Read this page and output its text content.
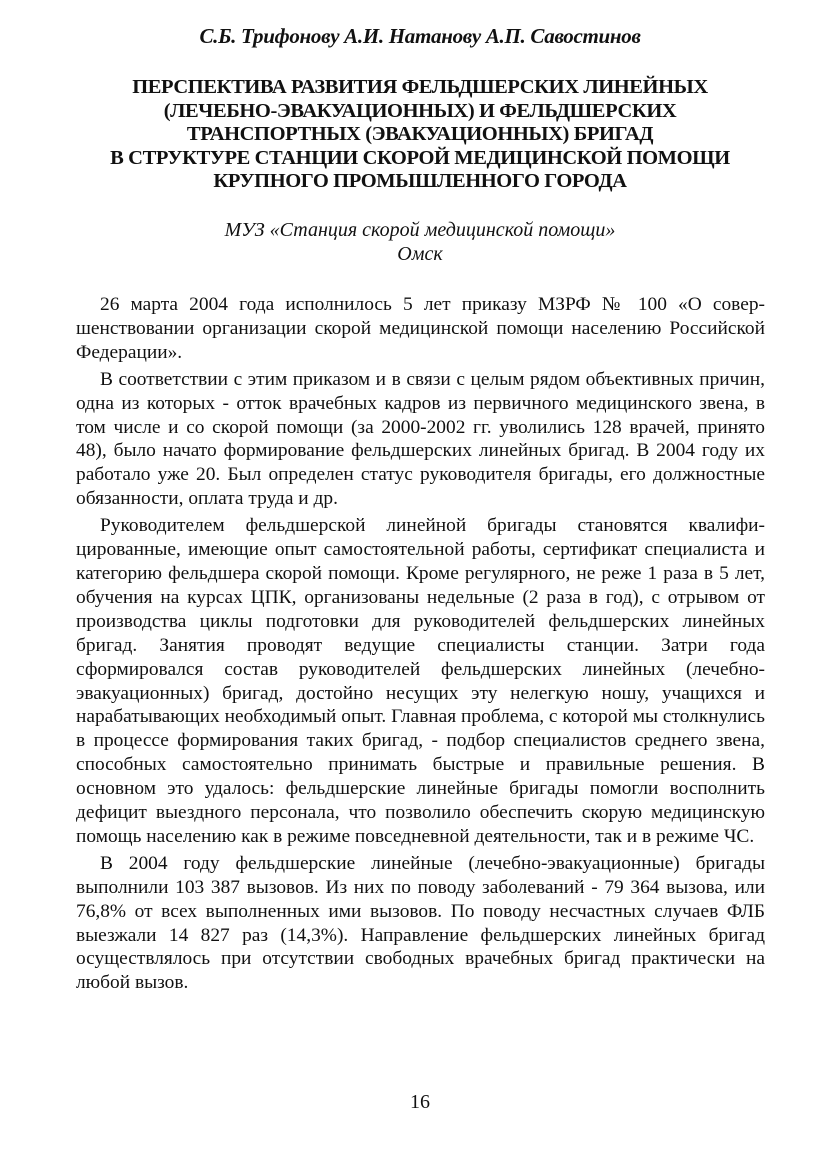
С.Б. Трифонову А.И. Натанову А.П. Савостинов
ПЕРСПЕКТИВА РАЗВИТИЯ ФЕЛЬДШЕРСКИХ ЛИНЕЙНЫХ
(ЛЕЧЕБНО-ЭВАКУАЦИОННЫХ) И ФЕЛЬДШЕРСКИХ
ТРАНСПОРТНЫХ (ЭВАКУАЦИОННЫХ) БРИГАД
В СТРУКТУРЕ СТАНЦИИ СКОРОЙ МЕДИЦИНСКОЙ ПОМОЩИ
КРУПНОГО ПРОМЫШЛЕННОГО ГОРОДА
МУЗ «Станция скорой медицинской помощи»
Омск

26 марта 2004 года исполнилось 5 лет приказу МЗРФ № 100 «О совершенствовании организации скорой медицинской помощи населению Российской Федерации».

В соответствии с этим приказом и в связи с целым рядом объективных причин, одна из которых - отток врачебных кадров из первичного медицинского звена, в том числе и со скорой помощи (за 2000-2002 гг. уволились 128 врачей, принято 48), было начато формирование фельдшерских линейных бригад. В 2004 году их работало уже 20. Был определен статус руководителя бригады, его должностные обязанности, оплата труда и др.

Руководителем фельдшерской линейной бригады становятся квалифицированные, имеющие опыт самостоятельной работы, сертификат специалиста и категорию фельдшера скорой помощи. Кроме регулярного, не реже 1 раза в 5 лет, обучения на курсах ЦПК, организованы недельные (2 раза в год), с отрывом от производства циклы подготовки для руководителей фельдшерских линейных бригад. Занятия проводят ведущие специалисты станции. Затри года сформировался состав руководителей фельдшерских линейных (лечебно-эвакуационных) бригад, достойно несущих эту нелегкую ношу, учащихся и нарабатывающих необходимый опыт. Главная проблема, с которой мы столкнулись в процессе формирования таких бригад, - подбор специалистов среднего звена, способных самостоятельно принимать быстрые и правильные решения. В основном это удалось: фельдшерские линейные бригады помогли восполнить дефицит выездного персонала, что позволило обеспечить скорую медицинскую помощь населению как в режиме повседневной деятельности, так и в режиме ЧС.

В 2004 году фельдшерские линейные (лечебно-эвакуационные) бригады выполнили 103 387 вызовов. Из них по поводу заболеваний - 79 364 вызова, или 76,8% от всех выполненных ими вызовов. По поводу несчастных случаев ФЛБ выезжали 14 827 раз (14,3%). Направление фельдшерских линейных бригад осуществлялось при отсутствии свободных врачебных бригад практически на любой вызов.

16
